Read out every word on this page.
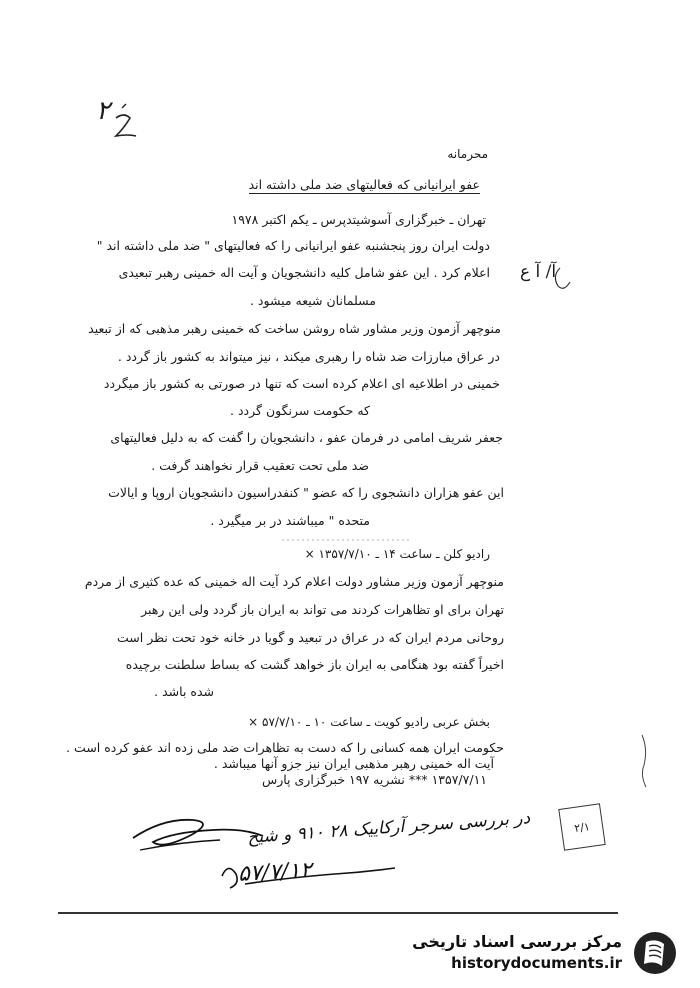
۲
محرمانه
عفو ایرانیانی که فعالیتهای ضد ملی داشته اند
آ/ آ ع
تهران ـ خبرگزاری آسوشیتدپرس ـ یکم اکتبر ۱۹۷۸
دولت ایران روز پنجشنبه عفو ایرانیانی را که فعالیتهای " ضد ملی داشته اند "
اعلام کرد . این عفو شامل کلیه دانشجویان و آیت اله خمینی رهبر تبعیدی
مسلمانان شیعه میشود .
منوچهر آزمون وزیر مشاور شاه روشن ساخت که خمینی رهبر مذهبی که از تبعید
در عراق مبارزات ضد شاه را رهبری میکند ، نیز میتواند به کشور باز گردد .
خمینی در اطلاعیه ای اعلام کرده است که تنها در صورتی به کشور باز میگردد
که حکومت سرنگون گردد .
جعفر شریف امامی در فرمان عفو ، دانشجویان را گفت که به دلیل فعالیتهای
ضد ملی تحت تعقیب قرار نخواهند گرفت .
این عفو هزاران دانشجوی را که عضو " کنفدراسیون دانشجویان اروپا و ایالات
متحده " میباشند در بر میگیرد .
رادیو کلن ـ ساعت ۱۴ ـ ۱۳۵۷/۷/۱۰ ×
منوچهر آزمون وزیر مشاور دولت اعلام کرد آیت اله خمینی که عده کثیری از مردم
تهران برای او تظاهرات کردند می تواند به ایران باز گردد ولی این رهبر
روحانی مردم ایران که در عراق در تبعید و گویا در خانه خود تحت نظر است
اخیراً گفته بود هنگامی به ایران باز خواهد گشت که بساط سلطنت برچیده
شده باشد .
بخش عربی رادیو کویت ـ ساعت ۱۰ ـ ۵۷/۷/۱۰ ×
حکومت ایران همه کسانی را که دست به تظاهرات ضد ملی زده اند عفو کرده است .
آیت اله خمینی رهبر مذهبی ایران نیز جزو آنها میباشد .
۱۳۵۷/۷/۱۱ *** نشریه ۱۹۷ خبرگزاری پارس
در بررسی سرجر آرکاییک ۲۸ ۹۱۰ و شیخ
۵۷/۷/۱۲
۲/۱
مرکز بررسی اسناد تاریخی
historydocuments.ir
